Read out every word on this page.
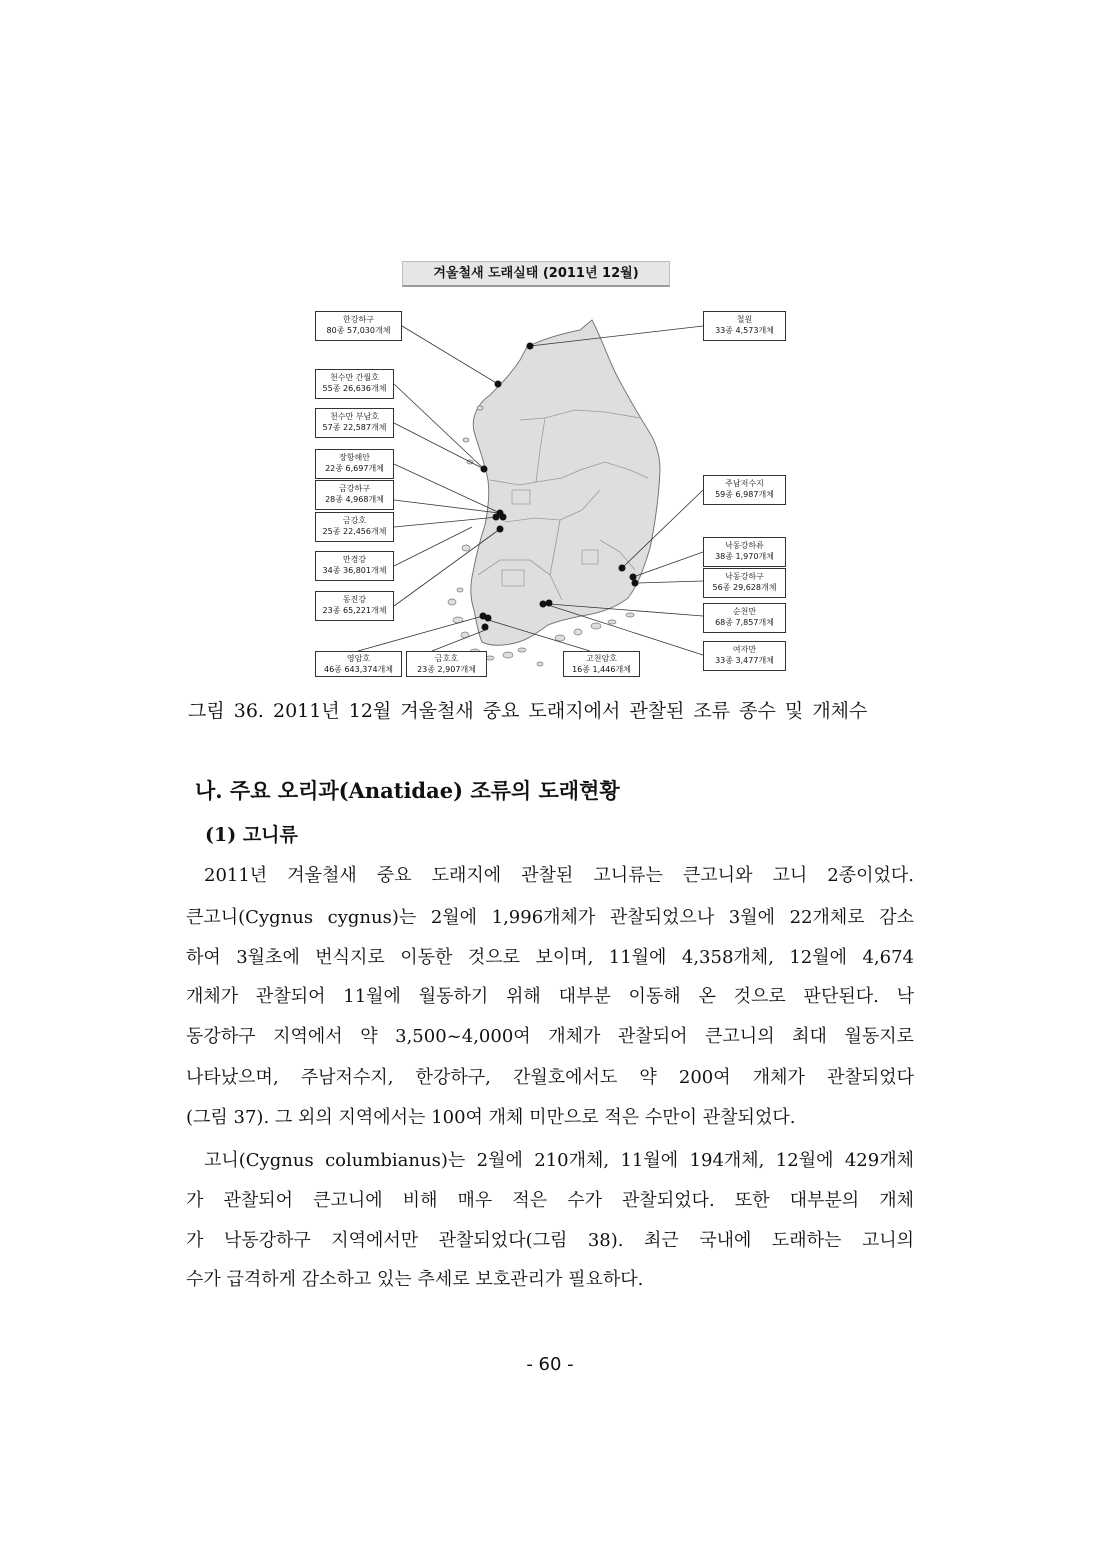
겨울철새 도래실태 (2011년 12월)
한강하구
80종 57,030개체
천수만 간월호
55종 26,636개체
천수만 부남호
57종 22,587개체
장항해안
22종 6,697개체
금강하구
28종 4,968개체
금강호
25종 22,456개체
만경강
34종 36,801개체
동진강
23종 65,221개체
영암호
46종 643,374개체
금호호
23종 2,907개체
고천암호
16종 1,446개체
철원
33종 4,573개체
주남저수지
59종 6,987개체
낙동강하류
38종 1,970개체
낙동강하구
56종 29,628개체
순천만
68종 7,857개체
여자만
33종 3,477개체
그림 36. 2011년 12월 겨울철새 중요 도래지에서 관찰된 조류 종수 및 개체수
나. 주요 오리과(Anatidae) 조류의 도래현황
(1) 고니류
2011년 겨울철새 중요 도래지에 관찰된 고니류는 큰고니와 고니 2종이었다.
큰고니(Cygnus cygnus)는 2월에 1,996개체가 관찰되었으나 3월에 22개체로 감소
하여 3월초에 번식지로 이동한 것으로 보이며, 11월에 4,358개체, 12월에 4,674
개체가 관찰되어 11월에 월동하기 위해 대부분 이동해 온 것으로 판단된다. 낙
동강하구 지역에서 약 3,500~4,000여 개체가 관찰되어 큰고니의 최대 월동지로
나타났으며, 주남저수지, 한강하구, 간월호에서도 약 200여 개체가 관찰되었다
(그림 37). 그 외의 지역에서는 100여 개체 미만으로 적은 수만이 관찰되었다.
고니(Cygnus columbianus)는 2월에 210개체, 11월에 194개체, 12월에 429개체
가 관찰되어 큰고니에 비해 매우 적은 수가 관찰되었다. 또한 대부분의 개체
가 낙동강하구 지역에서만 관찰되었다(그림 38). 최근 국내에 도래하는 고니의
수가 급격하게 감소하고 있는 추세로 보호관리가 필요하다.
- 60 -
